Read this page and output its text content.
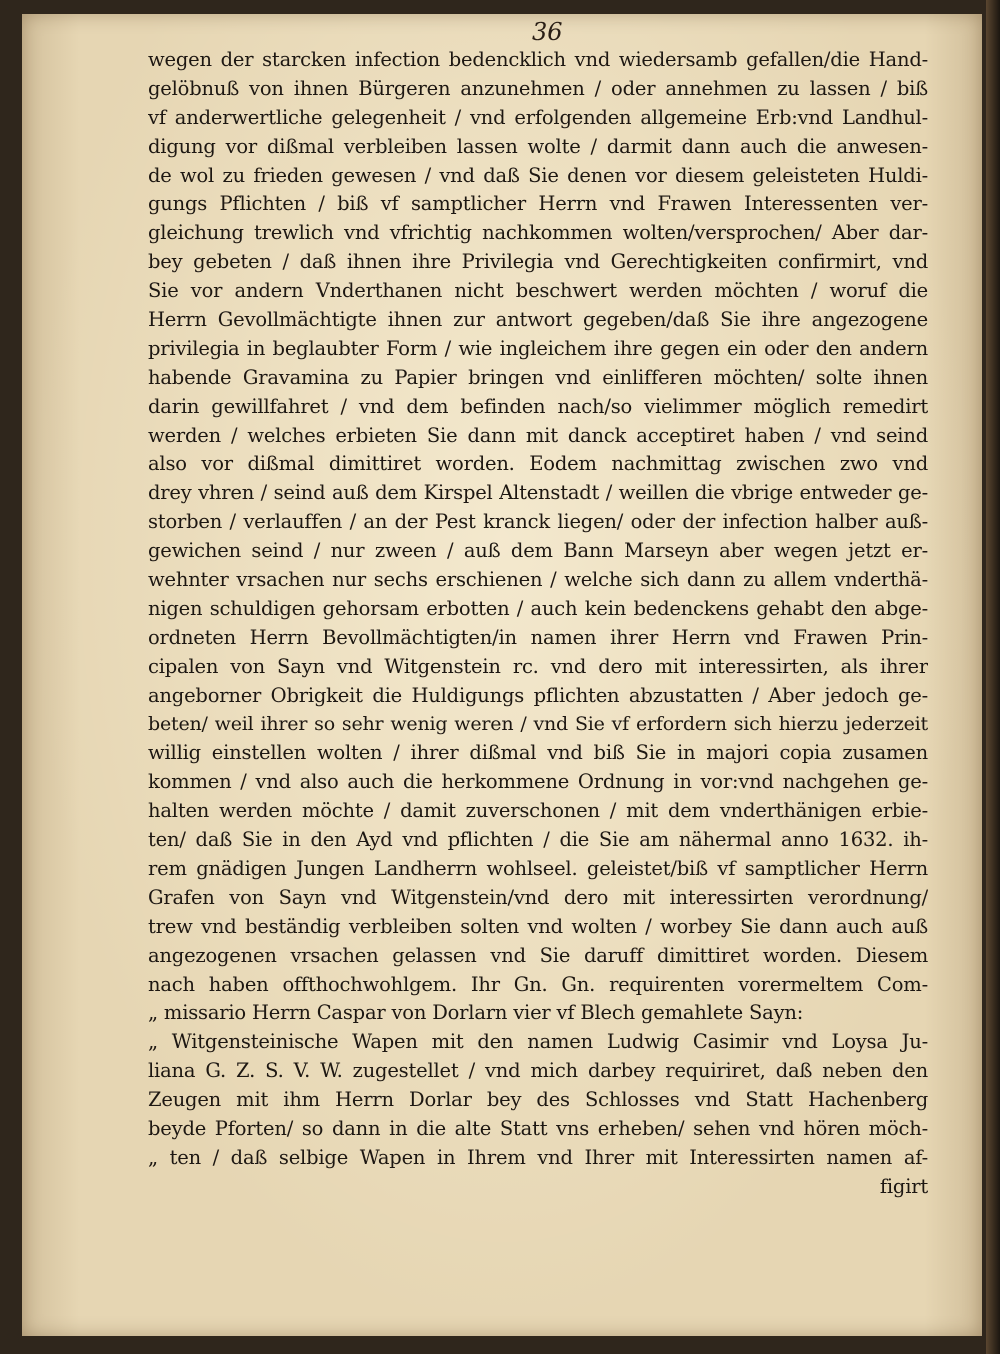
36
wegen der starcken infection bedencklich vnd wiedersamb gefallen/die Hand-
gelöbnuß von ihnen Bürgeren anzunehmen / oder annehmen zu lassen / biß
vf anderwertliche gelegenheit / vnd erfolgenden allgemeine Erb:vnd Landhul-
digung vor dißmal verbleiben lassen wolte / darmit dann auch die anwesen-
de wol zu frieden gewesen / vnd daß Sie denen vor diesem geleisteten Huldi-
gungs Pflichten / biß vf samptlicher Herrn vnd Frawen Interessenten ver-
gleichung trewlich vnd vfrichtig nachkommen wolten/versprochen/ Aber dar-
bey gebeten / daß ihnen ihre Privilegia vnd Gerechtigkeiten confirmirt, vnd
Sie vor andern Vnderthanen nicht beschwert werden möchten / woruf die
Herrn Gevollmächtigte ihnen zur antwort gegeben/daß Sie ihre angezogene
privilegia in beglaubter Form / wie ingleichem ihre gegen ein oder den andern
habende Gravamina zu Papier bringen vnd einlifferen möchten/ solte ihnen
darin gewillfahret / vnd dem befinden nach/so vielimmer möglich remedirt
werden / welches erbieten Sie dann mit danck acceptiret haben / vnd seind
also vor dißmal dimittiret worden. Eodem nachmittag zwischen zwo vnd
drey vhren / seind auß dem Kirspel Altenstadt / weillen die vbrige entweder ge-
storben / verlauffen / an der Pest kranck liegen/ oder der infection halber auß-
gewichen seind / nur zween / auß dem Bann Marseyn aber wegen jetzt er-
wehnter vrsachen nur sechs erschienen / welche sich dann zu allem vnderthä-
nigen schuldigen gehorsam erbotten / auch kein bedenckens gehabt den abge-
ordneten Herrn Bevollmächtigten/in namen ihrer Herrn vnd Frawen Prin-
cipalen von Sayn vnd Witgenstein rc. vnd dero mit interessirten, als ihrer
angeborner Obrigkeit die Huldigungs pflichten abzustatten / Aber jedoch ge-
beten/ weil ihrer so sehr wenig weren / vnd Sie vf erfordern sich hierzu jederzeit
willig einstellen wolten / ihrer dißmal vnd biß Sie in majori copia zusamen
kommen / vnd also auch die herkommene Ordnung in vor:vnd nachgehen ge-
halten werden möchte / damit zuverschonen / mit dem vnderthänigen erbie-
ten/ daß Sie in den Ayd vnd pflichten / die Sie am nähermal anno 1632. ih-
rem gnädigen Jungen Landherrn wohlseel. geleistet/biß vf samptlicher Herrn
Grafen von Sayn vnd Witgenstein/vnd dero mit interessirten verordnung/
trew vnd beständig verbleiben solten vnd wolten / worbey Sie dann auch auß
angezogenen vrsachen gelassen vnd Sie daruff dimittiret worden. Diesem
nach haben offthochwohlgem. Ihr Gn. Gn. requirenten vorermeltem Com-
„ missario Herrn Caspar von Dorlarn vier vf Blech gemahlete Sayn:
„ Witgensteinische Wapen mit den namen Ludwig Casimir vnd Loysa Ju-
liana G. Z. S. V. W. zugestellet / vnd mich darbey requiriret, daß neben den
Zeugen mit ihm Herrn Dorlar bey des Schlosses vnd Statt Hachenberg
beyde Pforten/ so dann in die alte Statt vns erheben/ sehen vnd hören möch-
„ ten / daß selbige Wapen in Ihrem vnd Ihrer mit Interessirten namen af-
figirt
